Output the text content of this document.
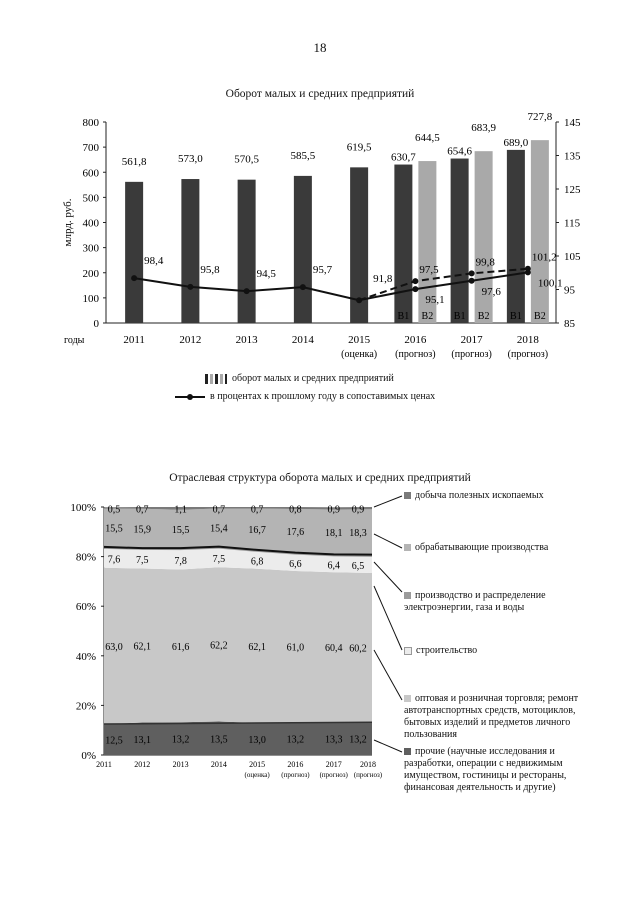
18
Оборот малых и средних предприятий
0
100
200
300
400
500
600
700
800
85
95
105
115
125
135
145
млрд. руб.
годы	2011
561,8
2012
573,0
2013
570,5
2014
585,5
2015
(оценка)
619,5
2016
(прогноз)
630,7
В1
644,5
В2
2017
(прогноз)
654,6
В1
683,9
В2
2018
(прогноз)
689,0
В1
727,8
В2
98,4
95,8	94,5	95,7
91,8
95,1
97,6
100,1
97,5
99,8	101,2
оборот малых и средних предприятий
в процентах к прошлому году в сопоставимых ценах
Отраслевая структура оборота малых и средних предприятий
0%
20%
40%
60%
80%
100%
12,5 13,1 13,2 13,5 13,0 13,2 13,3 13,2
63,0 62,1 61,6 62,2 62,1 61,0 60,4 60,2
7,6 7,5	7,8	7,5	6,8	6,6	6,4 6,5
15,5 15,9 15,5 15,4 16,7 17,6 18,1 18,3
0,5 0,7	1,1	0,7	0,7	0,8	0,9 0,9
2011	2012	2013	2014	2015
(оценка)
2016
(прогноз)
2017
(прогноз)
2018
(прогноз)
добыча полезных ископаемых
обрабатывающие производства
производство и распределение электроэнергии, газа и воды
строительство
оптовая и розничная торговля; ремонт автотранспортных средств, мотоциклов, бытовых изделий и предметов личного пользования
прочие (научные исследования и разработки, операции с недвижимым имуществом, гостиницы и рестораны, финансовая деятельность и другие)
